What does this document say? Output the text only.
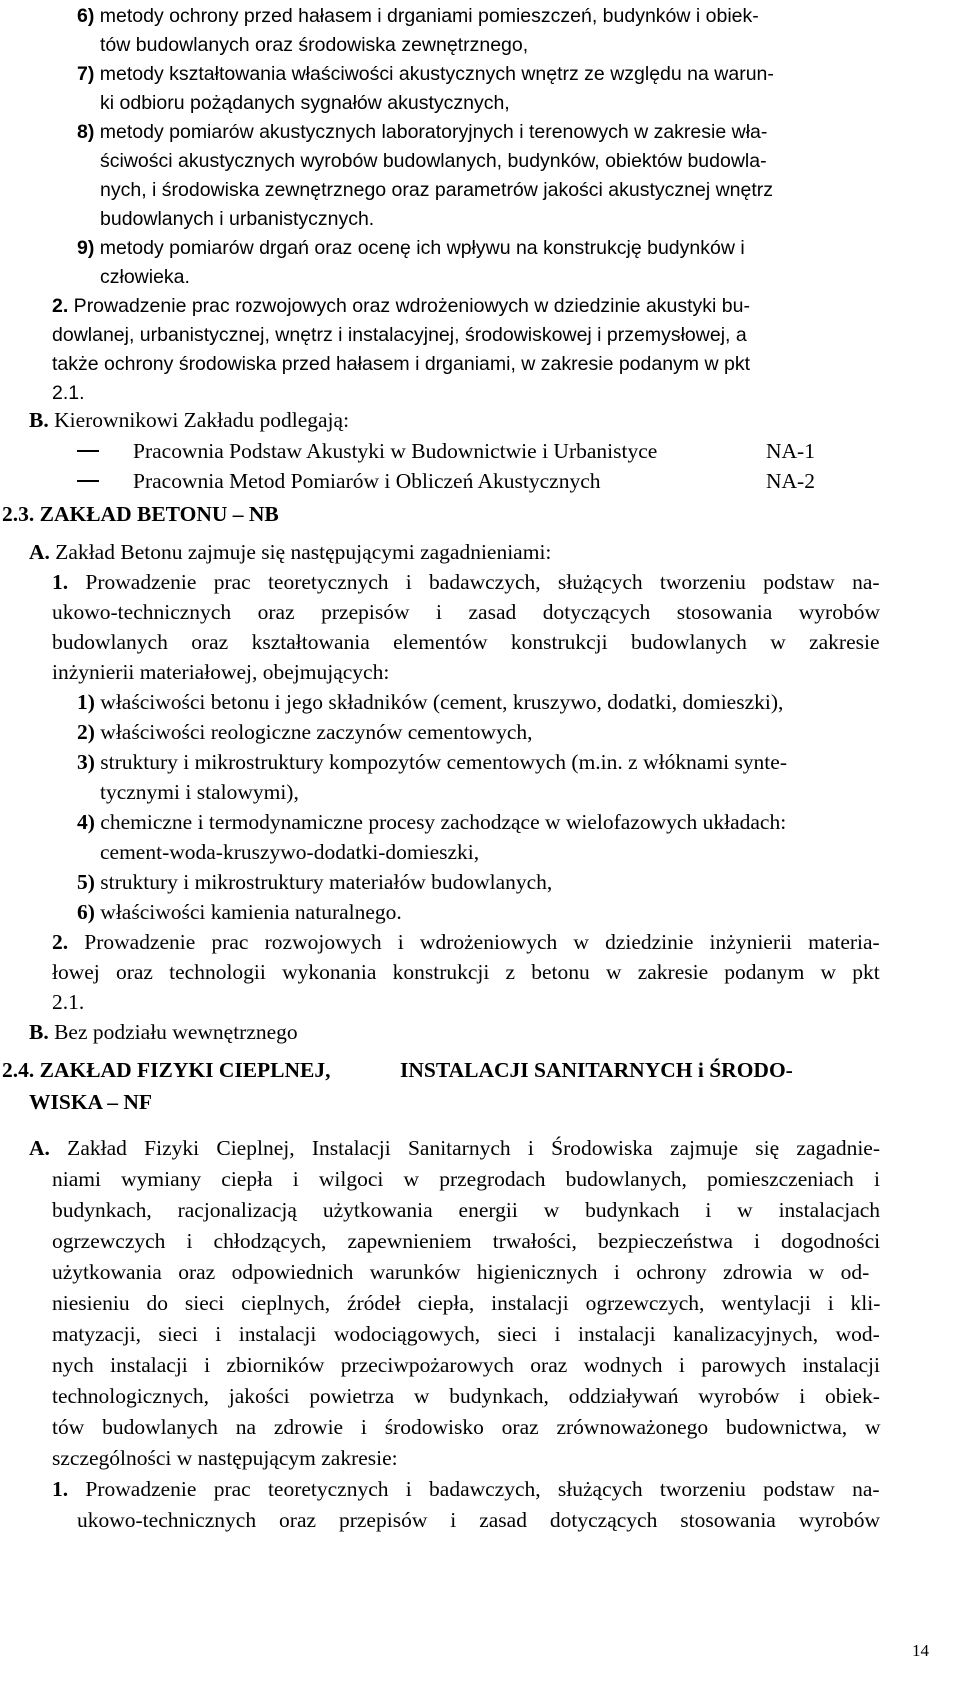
6) metody ochrony przed hałasem i drganiami pomieszczeń, budynków i obiek-
tów budowlanych oraz środowiska zewnętrznego,
7) metody kształtowania właściwości akustycznych wnętrz ze względu na warun-
ki odbioru pożądanych sygnałów akustycznych,
8) metody pomiarów akustycznych laboratoryjnych i terenowych w zakresie wła-
ściwości akustycznych wyrobów budowlanych, budynków, obiektów budowla-
nych, i środowiska zewnętrznego oraz parametrów jakości akustycznej wnętrz
budowlanych i urbanistycznych.
9) metody pomiarów drgań oraz ocenę ich wpływu na konstrukcję budynków i
człowieka.
2. Prowadzenie prac rozwojowych oraz wdrożeniowych w dziedzinie akustyki bu-
dowlanej, urbanistycznej, wnętrz i instalacyjnej, środowiskowej i przemysłowej, a
także ochrony środowiska przed hałasem i drganiami, w zakresie podanym w pkt
2.1.
B. Kierownikowi Zakładu podlegają:
Pracownia Podstaw Akustyki w Budownictwie i Urbanistyce	NA-1
Pracownia Metod Pomiarów i Obliczeń Akustycznych	NA-2
2.3. ZAKŁAD BETONU – NB
A. Zakład Betonu zajmuje się następującymi zagadnieniami:
1. Prowadzenie prac teoretycznych i badawczych, służących tworzeniu podstaw na-
ukowo-technicznych oraz przepisów i zasad dotyczących stosowania wyrobów
budowlanych oraz kształtowania elementów konstrukcji budowlanych w zakresie
inżynierii materiałowej, obejmujących:
1) właściwości betonu i jego składników (cement, kruszywo, dodatki, domieszki),
2) właściwości reologiczne zaczynów cementowych,
3) struktury i mikrostruktury kompozytów cementowych (m.in. z włóknami synte-
tycznymi i stalowymi),
4) chemiczne i termodynamiczne procesy zachodzące w wielofazowych układach:
cement-woda-kruszywo-dodatki-domieszki,
5) struktury i mikrostruktury materiałów budowlanych,
6) właściwości kamienia naturalnego.
2. Prowadzenie prac rozwojowych i wdrożeniowych w dziedzinie inżynierii materia-
łowej oraz technologii wykonania konstrukcji z betonu w zakresie podanym w pkt
2.1.
B. Bez podziału wewnętrznego
2.4. ZAKŁAD FIZYKI CIEPLNEJ,	INSTALACJI SANITARNYCH i ŚRODO-
WISKA – NF
A. Zakład Fizyki Cieplnej, Instalacji Sanitarnych i Środowiska zajmuje się zagadnie-
niami wymiany ciepła i wilgoci w przegrodach budowlanych, pomieszczeniach i
budynkach, racjonalizacją użytkowania energii w budynkach i w instalacjach
ogrzewczych i chłodzących, zapewnieniem trwałości, bezpieczeństwa i dogodności
użytkowania oraz odpowiednich warunków higienicznych i ochrony zdrowia w od-
niesieniu do sieci cieplnych, źródeł ciepła, instalacji ogrzewczych, wentylacji i kli-
matyzacji, sieci i instalacji wodociągowych, sieci i instalacji kanalizacyjnych, wod-
nych instalacji i zbiorników przeciwpożarowych oraz wodnych i parowych instalacji
technologicznych, jakości powietrza w budynkach, oddziaływań wyrobów i obiek-
tów budowlanych na zdrowie i środowisko oraz zrównoważonego budownictwa, w
szczególności w następującym zakresie:
1. Prowadzenie prac teoretycznych i badawczych, służących tworzeniu podstaw na-
ukowo-technicznych oraz przepisów i zasad dotyczących stosowania wyrobów
14
